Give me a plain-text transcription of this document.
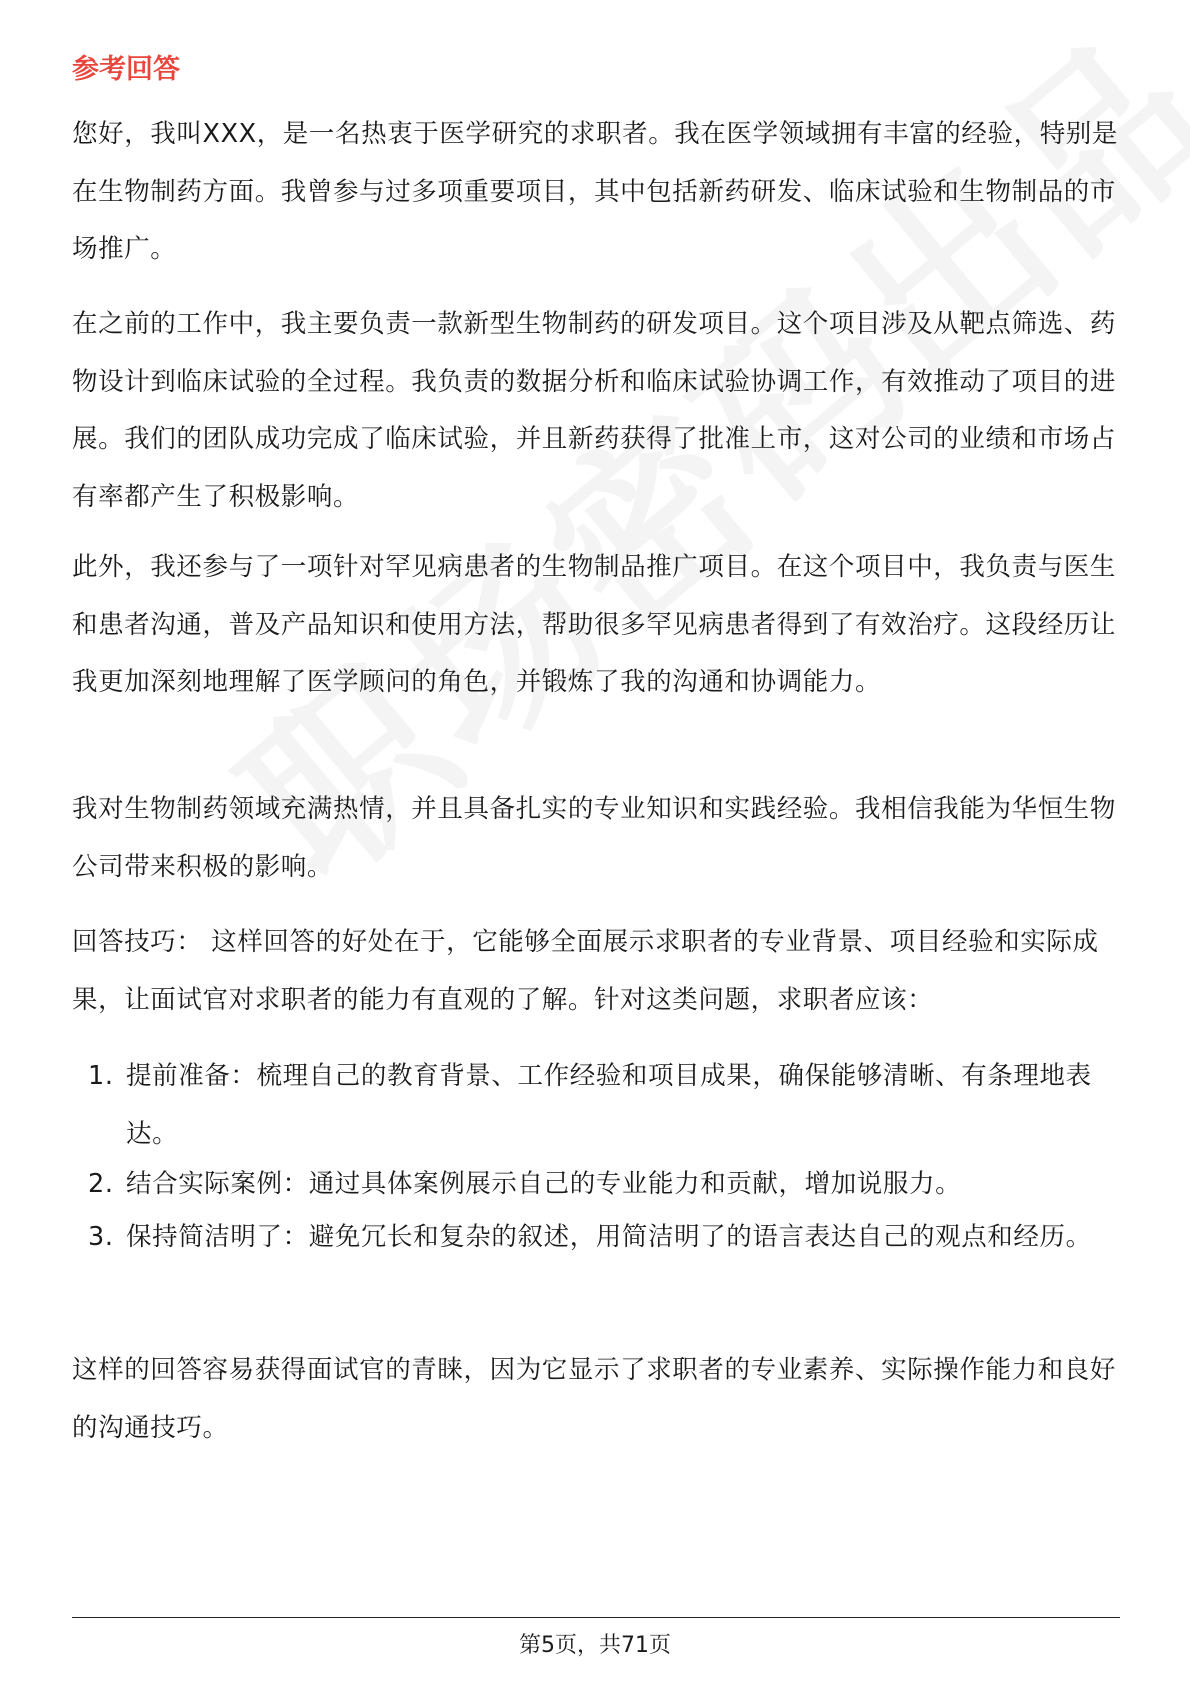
参考回答

您好，我叫XXX，是一名热衷于医学研究的求职者。我在医学领域拥有丰富的经验，特别是在生物制药方面。我曾参与过多项重要项目，其中包括新药研发、临床试验和生物制品的市场推广。

在之前的工作中，我主要负责一款新型生物制药的研发项目。这个项目涉及从靶点筛选、药物设计到临床试验的全过程。我负责的数据分析和临床试验协调工作，有效推动了项目的进展。我们的团队成功完成了临床试验，并且新药获得了批准上市，这对公司的业绩和市场占有率都产生了积极影响。

此外，我还参与了一项针对罕见病患者的生物制品推广项目。在这个项目中，我负责与医生和患者沟通，普及产品知识和使用方法，帮助很多罕见病患者得到了有效治疗。这段经历让我更加深刻地理解了医学顾问的角色，并锻炼了我的沟通和协调能力。

我对生物制药领域充满热情，并且具备扎实的专业知识和实践经验。我相信我能为华恒生物公司带来积极的影响。

回答技巧： 这样回答的好处在于，它能够全面展示求职者的专业背景、项目经验和实际成果，让面试官对求职者的能力有直观的了解。针对这类问题，求职者应该：

1. 提前准备：梳理自己的教育背景、工作经验和项目成果，确保能够清晰、有条理地表达。
2. 结合实际案例：通过具体案例展示自己的专业能力和贡献，增加说服力。
3. 保持简洁明了：避免冗长和复杂的叙述，用简洁明了的语言表达自己的观点和经历。

这样的回答容易获得面试官的青睐，因为它显示了求职者的专业素养、实际操作能力和良好的沟通技巧。

第5页，共71页
